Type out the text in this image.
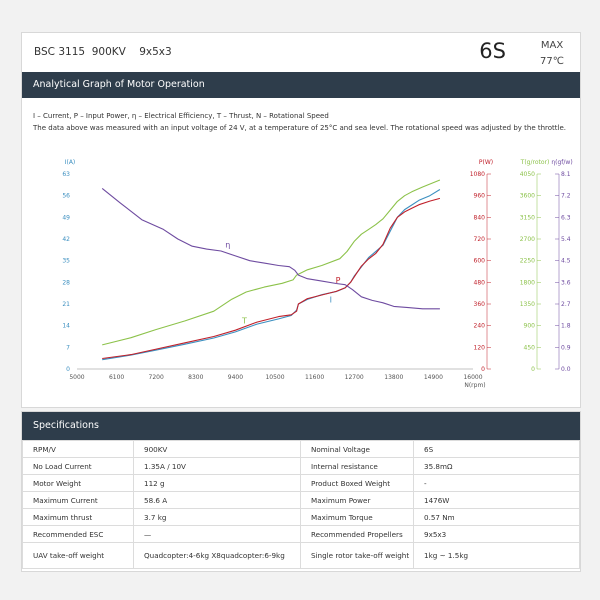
BSC 3115  900KV    9x5x3	6S	MAX
77℃
Analytical Graph of Motor Operation
I – Current, P – Input Power, η – Electrical Efficiency, T – Thrust, N – Rotational Speed
The data above was measured with an input voltage of 24 V, at a temperature of 25°C and sea level. The rotational speed was adjusted by the throttle.
5000	6100	7200	8300	9400	10500	11600	12700	13800	14900	16000
N(rpm)
I(A)
0
7
14
21
28
35
42
49
56
63
P(W)
0
120
240
360
480
600
720
840
960
1080
T(g/rotor)
0
450
900
1350
1800
2250
2700
3150
3600
4050
η(gf/w)
0.0
0.9
1.8
2.7
3.6
4.5
5.4
6.3
7.2
8.1
I
P
T
η
Specifications
RPM/V	900KV	Nominal Voltage	6S
No Load Current	1.35A / 10V	Internal resistance	35.8mΩ
Motor Weight	112 g	Product Boxed Weight	-
Maximum Current	58.6 A	Maximum Power	1476W
Maximum thrust	3.7 kg	Maximum Torque	0.57 Nm
Recommended ESC	—	Recommended Propellers	9x5x3
UAV take-off weight	Quadcopter:4-6kg X8quadcopter:6-9kg	Single rotor take-off weight	1kg ~ 1.5kg
